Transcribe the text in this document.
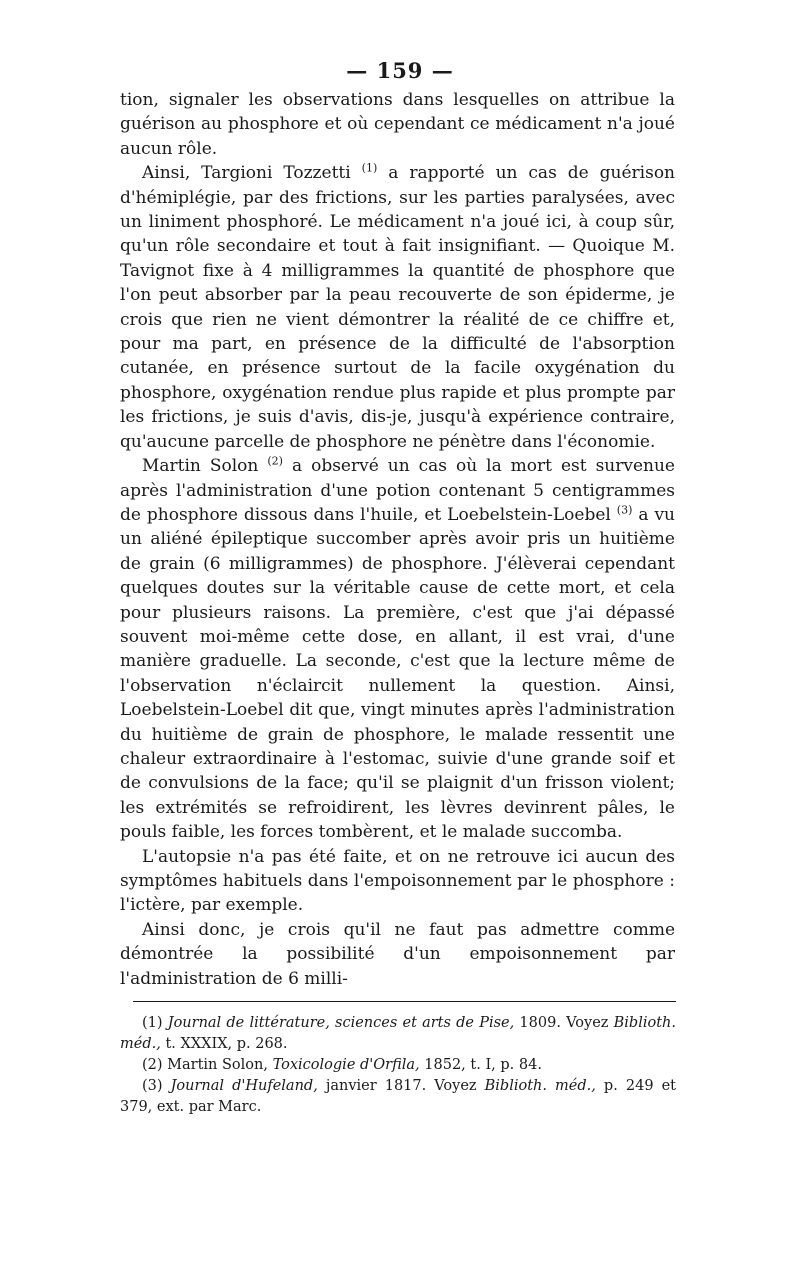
— 159 —

tion, signaler les observations dans lesquelles on attribue la guérison au phosphore et où cependant ce médicament n'a joué aucun rôle.

Ainsi, Targioni Tozzetti $^{(1)}$ a rapporté un cas de guérison d'hémiplégie, par des frictions, sur les parties paralysées, avec un liniment phosphoré. Le médicament n'a joué ici, à coup sûr, qu'un rôle secondaire et tout à fait insignifiant. — Quoique M. Tavignot fixe à 4 milligrammes la quantité de phosphore que l'on peut absorber par la peau recouverte de son épiderme, je crois que rien ne vient démontrer la réalité de ce chiffre et, pour ma part, en présence de la difficulté de l'absorption cutanée, en présence surtout de la facile oxygénation du phosphore, oxygénation rendue plus rapide et plus prompte par les frictions, je suis d'avis, dis-je, jusqu'à expérience contraire, qu'aucune parcelle de phosphore ne pénètre dans l'économie.

Martin Solon $^{(2)}$ a observé un cas où la mort est survenue après l'administration d'une potion contenant 5 centigrammes de phosphore dissous dans l'huile, et Loebelstein-Loebel $^{(3)}$ a vu un aliéné épileptique succomber après avoir pris un huitième de grain (6 milligrammes) de phosphore. J'élèverai cependant quelques doutes sur la véritable cause de cette mort, et cela pour plusieurs raisons. La première, c'est que j'ai dépassé souvent moi-même cette dose, en allant, il est vrai, d'une manière graduelle. La seconde, c'est que la lecture même de l'observation n'éclaircit nullement la question. Ainsi, Loebelstein-Loebel dit que, vingt minutes après l'administration du huitième de grain de phosphore, le malade ressentit une chaleur extraordinaire à l'estomac, suivie d'une grande soif et de convulsions de la face; qu'il se plaignit d'un frisson violent; les extrémités se refroidirent, les lèvres devinrent pâles, le pouls faible, les forces tombèrent, et le malade succomba.

L'autopsie n'a pas été faite, et on ne retrouve ici aucun des symptômes habituels dans l'empoisonnement par le phosphore : l'ictère, par exemple.

Ainsi donc, je crois qu'il ne faut pas admettre comme démontrée la possibilité d'un empoisonnement par l'administration de 6 milli-

(1) Journal de littérature, sciences et arts de Pise, 1809. Voyez Biblioth. méd., t. XXXIX, p. 268.

(2) Martin Solon, Toxicologie d'Orfila, 1852, t. I, p. 84.

(3) Journal d'Hufeland, janvier 1817. Voyez Biblioth. méd., p. 249 et 379, ext. par Marc.
